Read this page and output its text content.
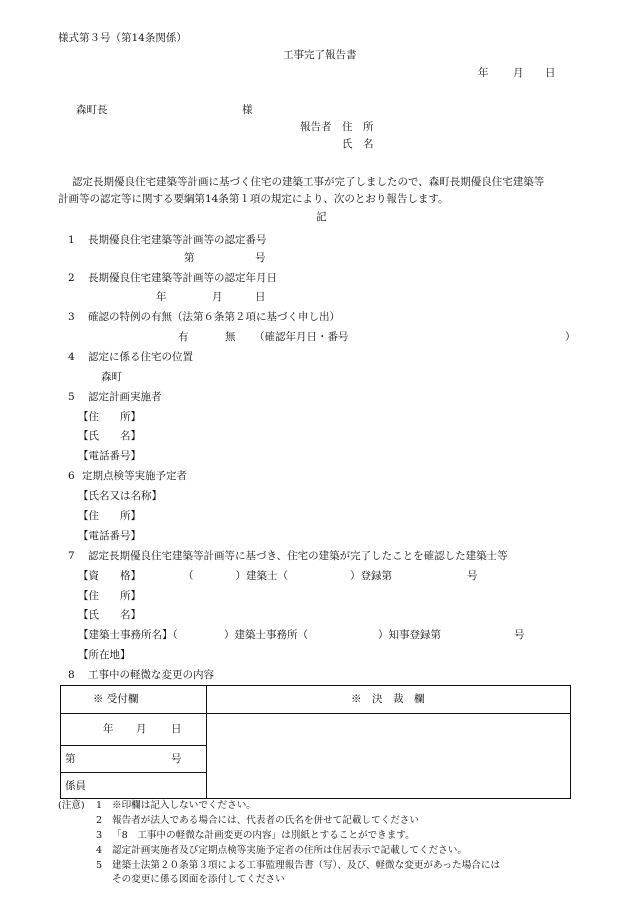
様式第３号（第14条関係）
工事完了報告書
年 月 日
森町長	様
報告者 住　所
氏　名
認定長期優良住宅建築等計画に基づく住宅の建築工事が完了しましたので、森町長期優良住宅建築等
計画等の認定等に関する要綱第14条第１項の規定により、次のとおり報告します。
記
1 長期優良住宅建築等計画等の認定番号
第	号
2 長期優良住宅建築等計画等の認定年月日
年	月	日
3 確認の特例の有無（法第６条第２項に基づく申し出）
有	無 （確認年月日・番号	）
4 認定に係る住宅の位置
森町
5 認定計画実施者
【住　　所】
【氏　　名】
【電話番号】
6 定期点検等実施予定者
【氏名又は名称】
【住　　所】
【電話番号】
7 認定長期優良住宅建築等計画等に基づき、住宅の建築が完了したことを確認した建築士等
【資　　格】	（　　　　）建築士（	）登録第	号
【住　　所】
【氏　　名】
【建築士事務所名】（	）建築士事務所（	）知事登録第	号
【所在地】
8 工事中の軽微な変更の内容
※ 受付欄	※　決　裁　欄

年 月 日	

第 号	

係員	
(注意) 1 ※印欄は記入しないでください。
2 報告者が法人である場合には、代表者の氏名を併せて記載してください
3 「8　工事中の軽微な計画変更の内容」は別紙とすることができます。
4 認定計画実施者及び定期点検等実施予定者の住所は住居表示で記載してください。
5 建築士法第２０条第３項による工事監理報告書（写）、及び、軽微な変更があった場合には
その変更に係る図面を添付してください
